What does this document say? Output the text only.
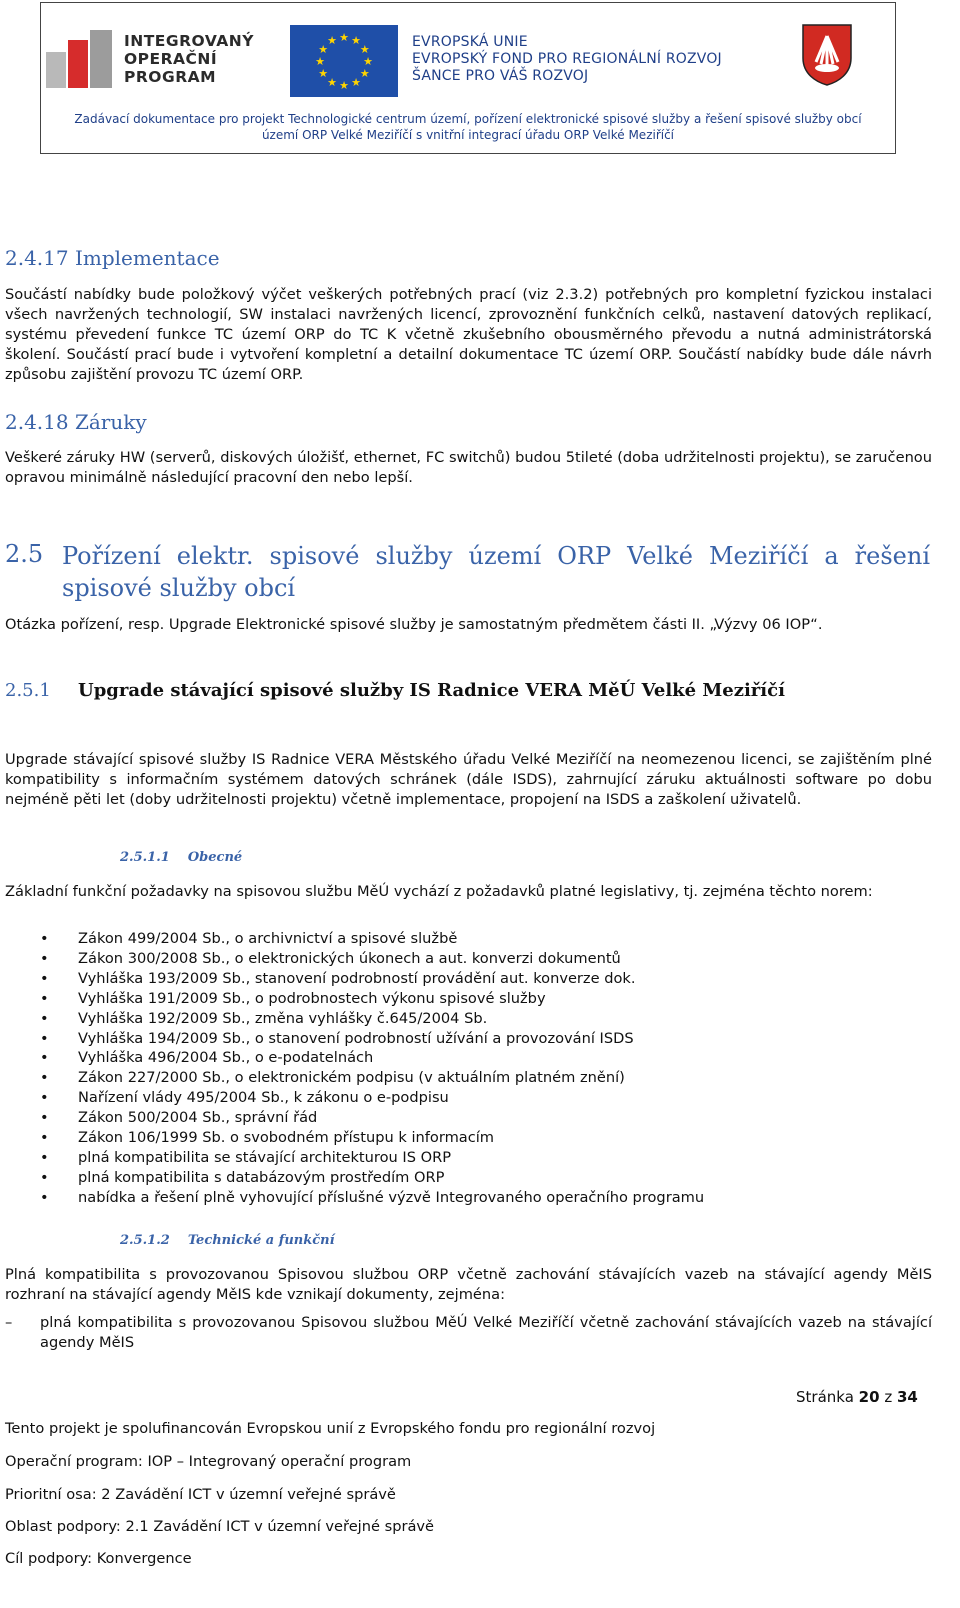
INTEGROVANÝ
OPERAČNÍ
PROGRAM
★ ★
★
★
★
★
★
★
★
★
★
★	EVROPSKÁ UNIE
EVROPSKÝ FOND PRO REGIONÁLNÍ ROZVOJ
ŠANCE PRO VÁŠ ROZVOJ
Zadávací dokumentace pro projekt Technologické centrum území, pořízení elektronické spisové služby a řešení spisové služby obcí
území ORP Velké Meziříčí s vnitřní integrací úřadu ORP Velké Meziříčí
2.4.17 Implementace
Součástí nabídky bude položkový výčet veškerých potřebných prací (viz 2.3.2) potřebných pro kompletní fyzickou instalaci všech navržených technologií, SW instalaci navržených licencí, zprovoznění funkčních celků, nastavení datových replikací, systému převedení funkce TC území ORP do TC K včetně zkušebního obousměrného převodu a nutná administrátorská školení. Součástí prací bude i vytvoření kompletní a detailní dokumentace TC území ORP. Součástí nabídky bude dále návrh způsobu zajištění provozu TC území ORP.
2.4.18 Záruky
Veškeré záruky HW (serverů, diskových úložišť, ethernet, FC switchů) budou 5tileté (doba udržitelnosti projektu), se zaručenou opravou minimálně následující pracovní den nebo lepší.
2.5 Pořízení elektr. spisové služby území ORP Velké Meziříčí a řešení spisové služby obcí
Otázka pořízení, resp. Upgrade Elektronické spisové služby je samostatným předmětem části II. „Výzvy 06 IOP“.
2.5.1 Upgrade stávající spisové služby IS Radnice VERA MěÚ Velké Meziříčí
Upgrade stávající spisové služby IS Radnice VERA Městského úřadu Velké Meziříčí na neomezenou licenci, se zajištěním plné kompatibility s informačním systémem datových schránek (dále ISDS), zahrnující záruku aktuálnosti software po dobu nejméně pěti let (doby udržitelnosti projektu) včetně implementace, propojení na ISDS a zaškolení uživatelů.
2.5.1.1    Obecné
Základní funkční požadavky na spisovou službu MěÚ vychází z požadavků platné legislativy, tj. zejména těchto norem:
• Zákon 499/2004 Sb., o archivnictví a spisové službě
• Zákon 300/2008 Sb., o elektronických úkonech a aut. konverzi dokumentů
• Vyhláška 193/2009 Sb., stanovení podrobností provádění aut. konverze dok.
• Vyhláška 191/2009 Sb., o podrobnostech výkonu spisové služby
• Vyhláška 192/2009 Sb., změna vyhlášky č.645/2004 Sb.
• Vyhláška 194/2009 Sb., o stanovení podrobností užívání a provozování ISDS
• Vyhláška 496/2004 Sb., o e-podatelnách
• Zákon 227/2000 Sb., o elektronickém podpisu (v aktuálním platném znění)
• Nařízení vlády 495/2004 Sb., k zákonu o e-podpisu
• Zákon 500/2004 Sb., správní řád
• Zákon 106/1999 Sb. o svobodném přístupu k informacím
• plná kompatibilita se stávající architekturou IS ORP
• plná kompatibilita s databázovým prostředím ORP
• nabídka a řešení plně vyhovující příslušné výzvě Integrovaného operačního programu
2.5.1.2    Technické a funkční
Plná kompatibilita s provozovanou Spisovou službou ORP včetně zachování stávajících vazeb na stávající agendy MěIS rozhraní na stávající agendy MěIS kde vznikají dokumenty, zejména:
– plná kompatibilita s provozovanou Spisovou službou MěÚ Velké Meziříčí včetně zachování stávajících vazeb na stávající agendy MěIS
Stránka 20 z 34
Tento projekt je spolufinancován Evropskou unií z Evropského fondu pro regionální rozvoj
Operační program: IOP – Integrovaný operační program
Prioritní osa: 2 Zavádění ICT v územní veřejné správě
Oblast podpory: 2.1 Zavádění ICT v územní veřejné správě
Cíl podpory: Konvergence
